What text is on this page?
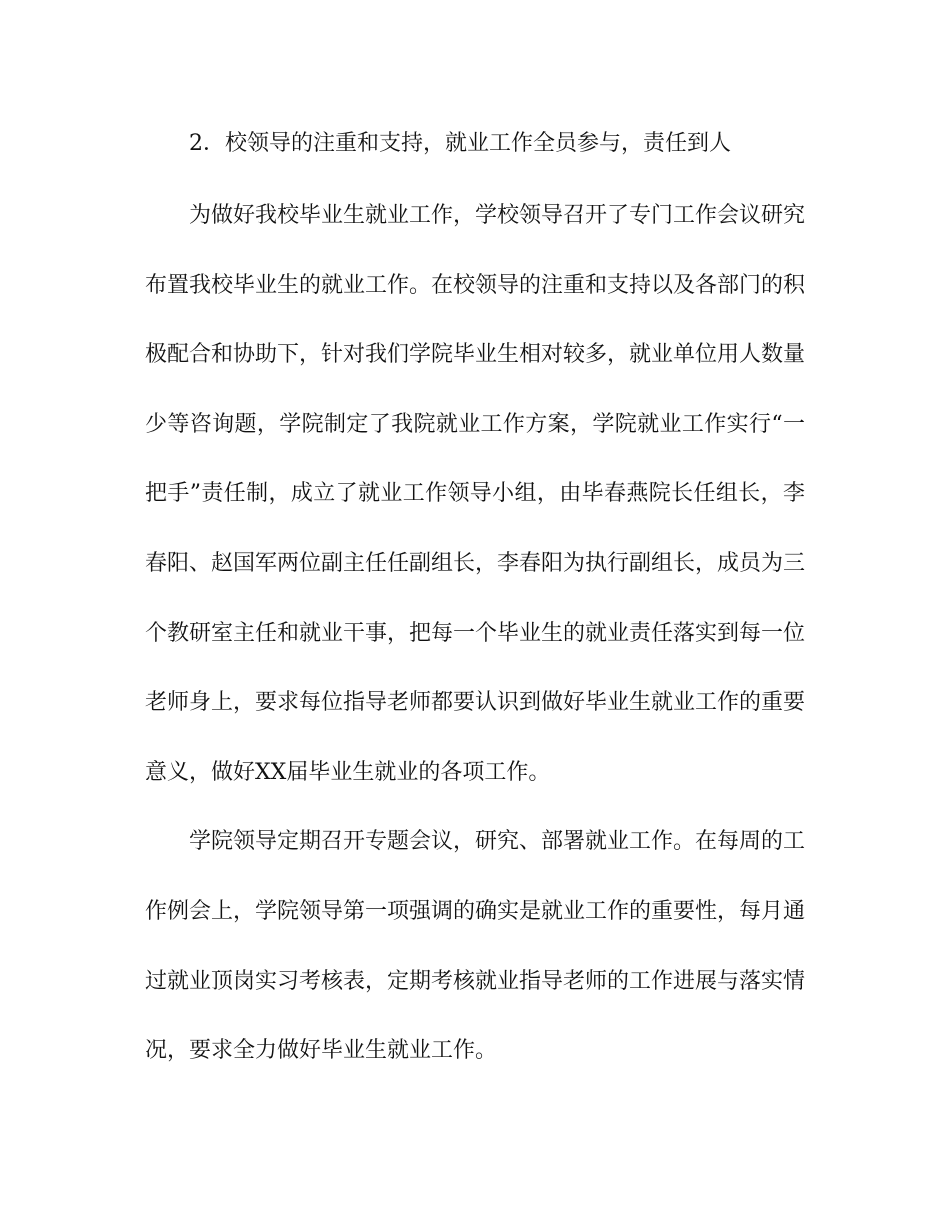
2．校领导的注重和支持，就业工作全员参与，责任到人

为做好我校毕业生就业工作，学校领导召开了专门工作会议研究
布置我校毕业生的就业工作。在校领导的注重和支持以及各部门的积
极配合和协助下，针对我们学院毕业生相对较多，就业单位用人数量
少等咨询题，学院制定了我院就业工作方案，学院就业工作实行“一
把手”责任制，成立了就业工作领导小组，由毕春燕院长任组长，李
春阳、赵国军两位副主任任副组长，李春阳为执行副组长，成员为三
个教研室主任和就业干事，把每一个毕业生的就业责任落实到每一位
老师身上，要求每位指导老师都要认识到做好毕业生就业工作的重要
意义，做好XX届毕业生就业的各项工作。

学院领导定期召开专题会议，研究、部署就业工作。在每周的工
作例会上，学院领导第一项强调的确实是就业工作的重要性，每月通
过就业顶岗实习考核表，定期考核就业指导老师的工作进展与落实情
况，要求全力做好毕业生就业工作。
